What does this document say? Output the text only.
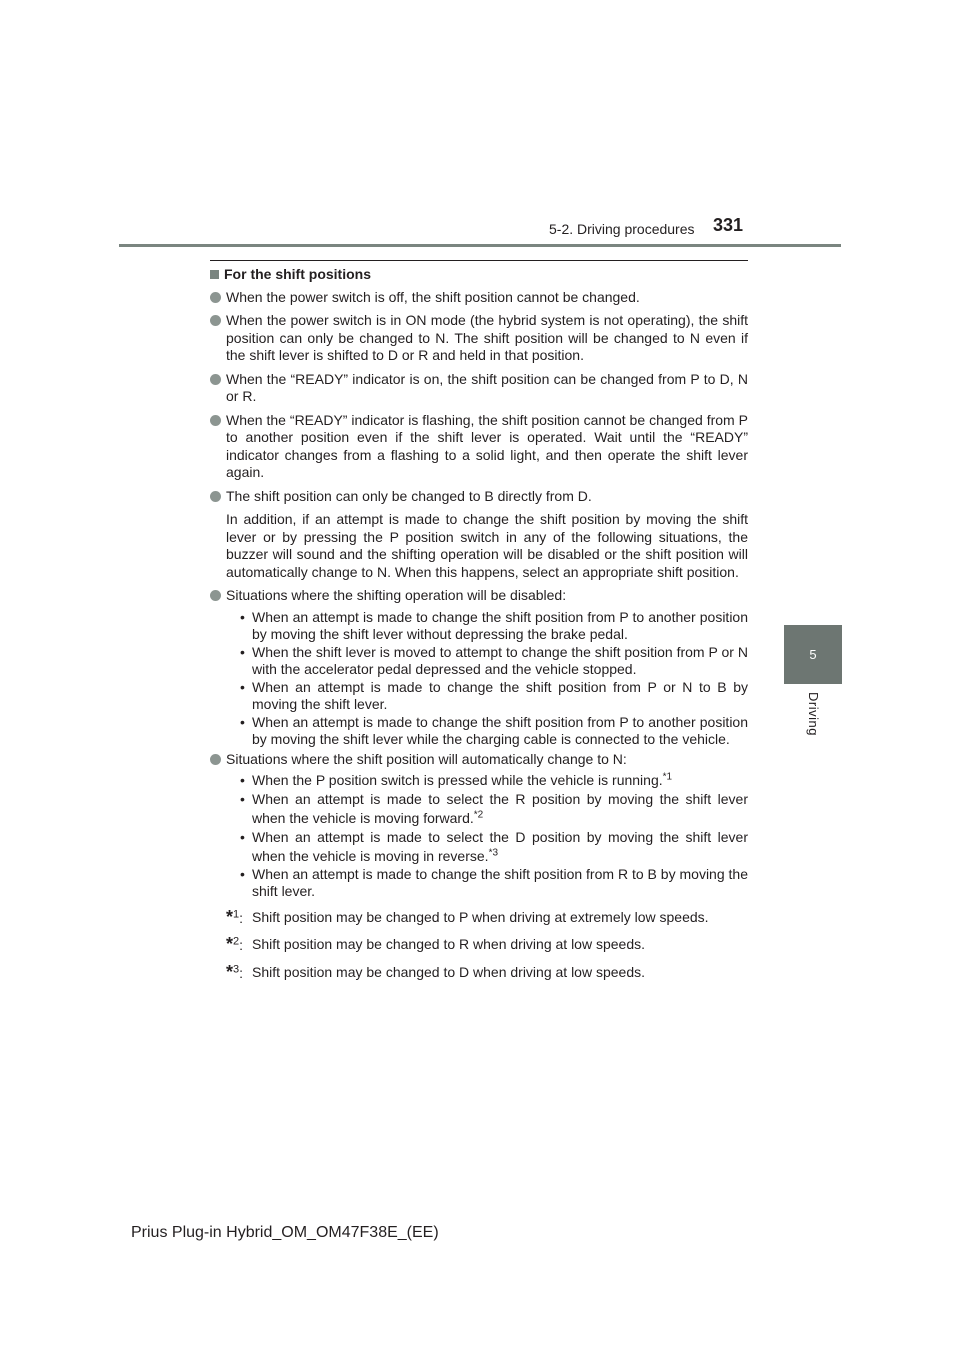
5-2. Driving procedures 331
5
Driving
For the shift positions
When the power switch is off, the shift position cannot be changed.
When the power switch is in ON mode (the hybrid system is not operating), the shift position can only be changed to N. The shift position will be changed to N even if the shift lever is shifted to D or R and held in that position.
When the “READY” indicator is on, the shift position can be changed from P to D, N or R.
When the “READY” indicator is flashing, the shift position cannot be changed from P to another position even if the shift lever is operated. Wait until the “READY” indicator changes from a flashing to a solid light, and then operate the shift lever again.
The shift position can only be changed to B directly from D.
In addition, if an attempt is made to change the shift position by moving the shift lever or by pressing the P position switch in any of the following situations, the buzzer will sound and the shifting operation will be disabled or the shift position will automatically change to N. When this happens, select an appropriate shift position.
Situations where the shifting operation will be disabled:
• When an attempt is made to change the shift position from P to another position by moving the shift lever without depressing the brake pedal.
• When the shift lever is moved to attempt to change the shift position from P or N with the accelerator pedal depressed and the vehicle stopped.
• When an attempt is made to change the shift position from P or N to B by moving the shift lever.
• When an attempt is made to change the shift position from P to another position by moving the shift lever while the charging cable is connected to the vehicle.
Situations where the shift position will automatically change to N:
• When the P position switch is pressed while the vehicle is running.$^{*1}$
• When an attempt is made to select the R position by moving the shift lever when the vehicle is moving forward.$^{*2}$
• When an attempt is made to select the D position by moving the shift lever when the vehicle is moving in reverse.$^{*3}$
• When an attempt is made to change the shift position from R to B by moving the shift lever.
*$^1$: Shift position may be changed to P when driving at extremely low speeds.
*$^2$: Shift position may be changed to R when driving at low speeds.
*$^3$: Shift position may be changed to D when driving at low speeds.
Prius Plug-in Hybrid_OM_OM47F38E_(EE)
